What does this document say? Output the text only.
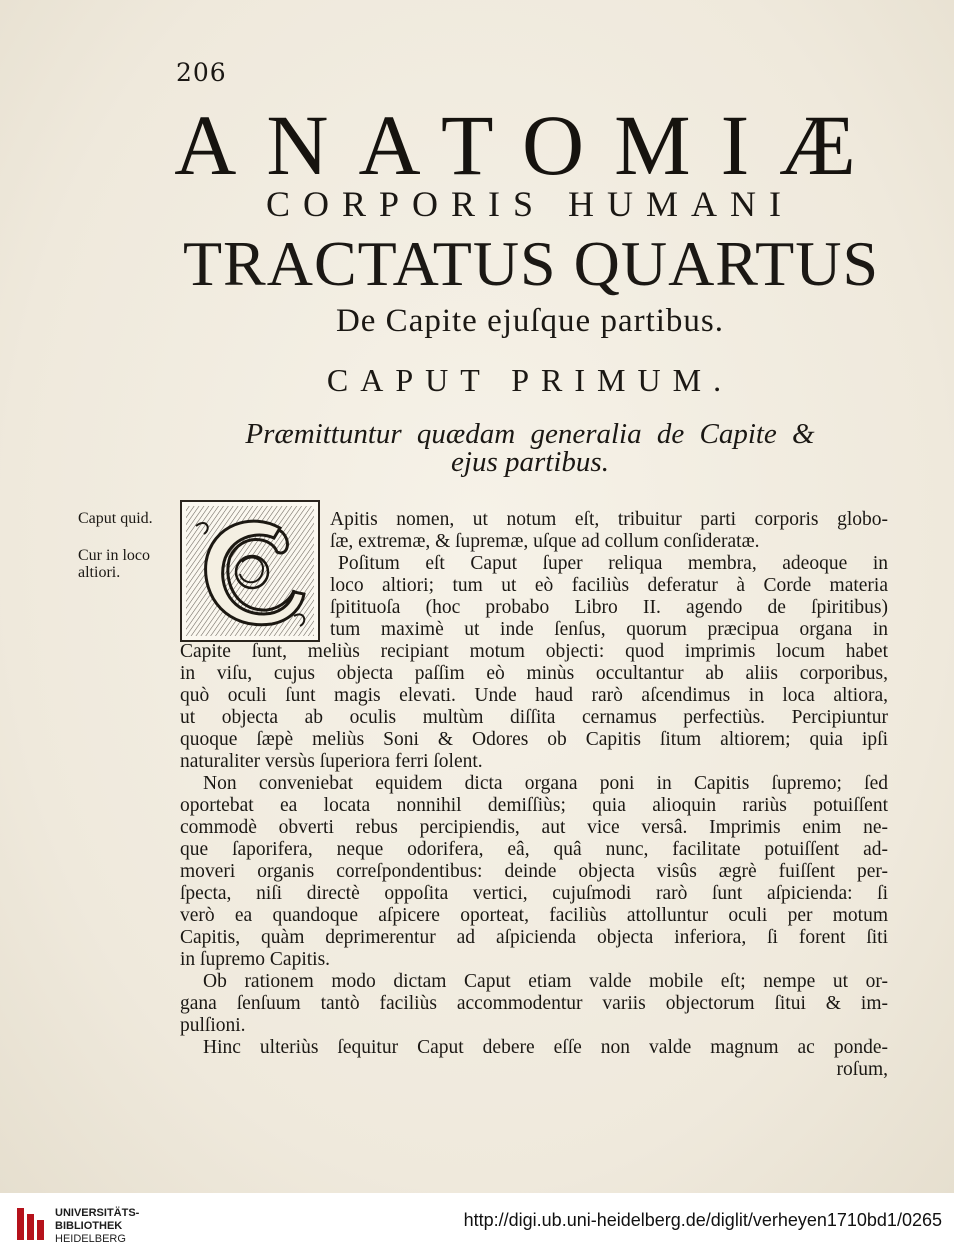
206
ANATOMIÆ
CORPORIS HUMANI
TRACTATUS QUARTUS
De Capite ejuſque partibus.
CAPUT PRIMUM.
Præmittuntur quædam generalia de Capite &
ejus partibus.
Caput quid.
Cur in loco
altiori.
Apitis nomen, ut notum eſt, tribuitur parti corporis globo-
ſæ, extremæ, & ſupremæ, uſque ad collum conſideratæ.
Poſitum eſt Caput ſuper reliqua membra, adeoque in
loco altiori; tum ut eò faciliùs deferatur à Corde materia
ſpitituoſa (hoc probabo Libro II. agendo de ſpiritibus)
tum maximè ut inde ſenſus, quorum præcipua organa in
Capite ſunt, meliùs recipiant motum objecti: quod imprimis locum habet
in viſu, cujus objecta paſſim eò minùs occultantur ab aliis corporibus,
quò oculi ſunt magis elevati. Unde haud rarò aſcendimus in loca altiora,
ut objecta ab oculis multùm diſſita cernamus perfectiùs. Percipiuntur
quoque ſæpè meliùs Soni & Odores ob Capitis ſitum altiorem; quia ipſi
naturaliter versùs ſuperiora ferri ſolent.
Non conveniebat equidem dicta organa poni in Capitis ſupremo; ſed
oportebat ea locata nonnihil demiſſiùs; quia alioquin rariùs potuiſſent
commodè obverti rebus percipiendis, aut vice versâ. Imprimis enim ne-
que ſaporifera, neque odorifera, eâ, quâ nunc, facilitate potuiſſent ad-
moveri organis correſpondentibus: deinde objecta visûs ægrè fuiſſent per-
ſpecta, niſi directè oppoſita vertici, cujuſmodi rarò ſunt aſpicienda: ſi
verò ea quandoque aſpicere oporteat, faciliùs attolluntur oculi per motum
Capitis, quàm deprimerentur ad aſpicienda objecta inferiora, ſi forent ſiti
in ſupremo Capitis.
Ob rationem modo dictam Caput etiam valde mobile eſt; nempe ut or-
gana ſenſuum tantò faciliùs accommodentur variis objectorum ſitui & im-
pulſioni.
Hinc ulteriùs ſequitur Caput debere eſſe non valde magnum ac ponde-
roſum,
UNIVERSITÄTS-
BIBLIOTHEK
HEIDELBERG
http://digi.ub.uni-heidelberg.de/diglit/verheyen1710bd1/0265
